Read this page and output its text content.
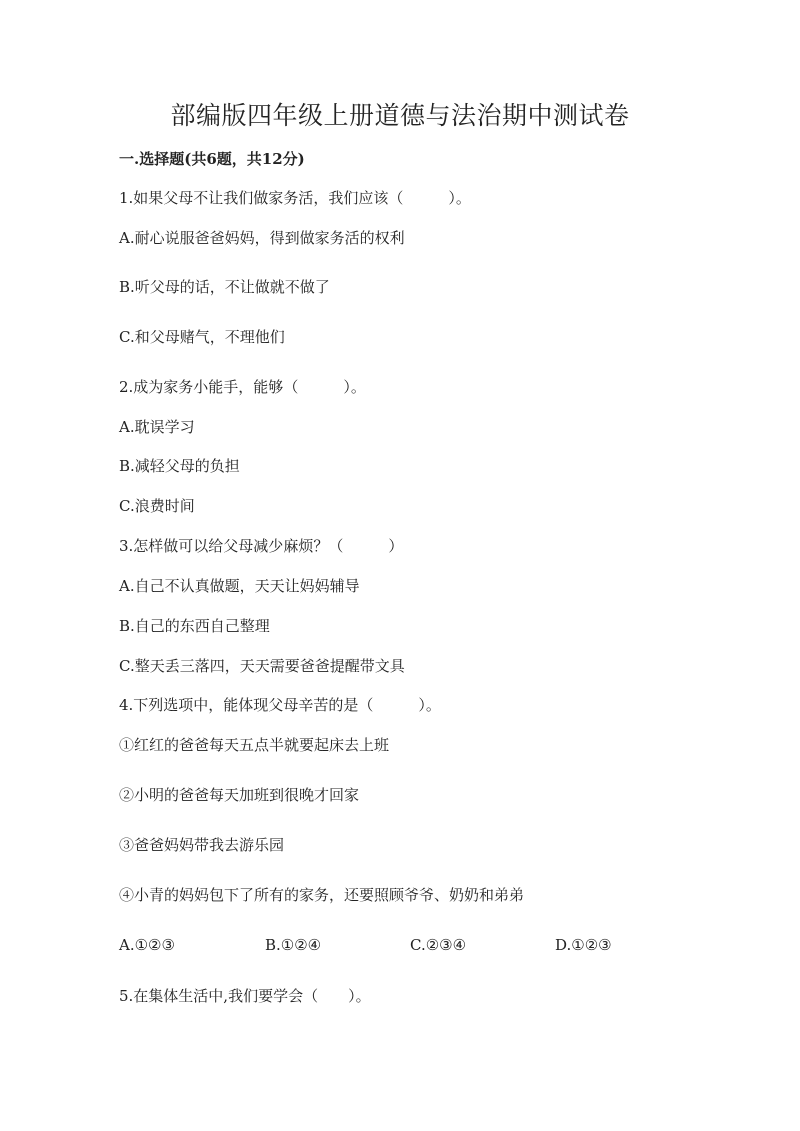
部编版四年级上册道德与法治期中测试卷
一.选择题(共6题，共12分)
1.如果父母不让我们做家务活，我们应该（　　　）。
A.耐心说服爸爸妈妈，得到做家务活的权利
B.听父母的话，不让做就不做了
C.和父母赌气，不理他们
2.成为家务小能手，能够（　　　）。
A.耽误学习
B.减轻父母的负担
C.浪费时间
3.怎样做可以给父母减少麻烦？（　　　）
A.自己不认真做题，天天让妈妈辅导
B.自己的东西自己整理
C.整天丢三落四，天天需要爸爸提醒带文具
4.下列选项中，能体现父母辛苦的是（　　　）。
①红红的爸爸每天五点半就要起床去上班
②小明的爸爸每天加班到很晚才回家
③爸爸妈妈带我去游乐园
④小青的妈妈包下了所有的家务，还要照顾爷爷、奶奶和弟弟
A.①②③	B.①②④	C.②③④	D.①②③
5.在集体生活中,我们要学会（　　）。
